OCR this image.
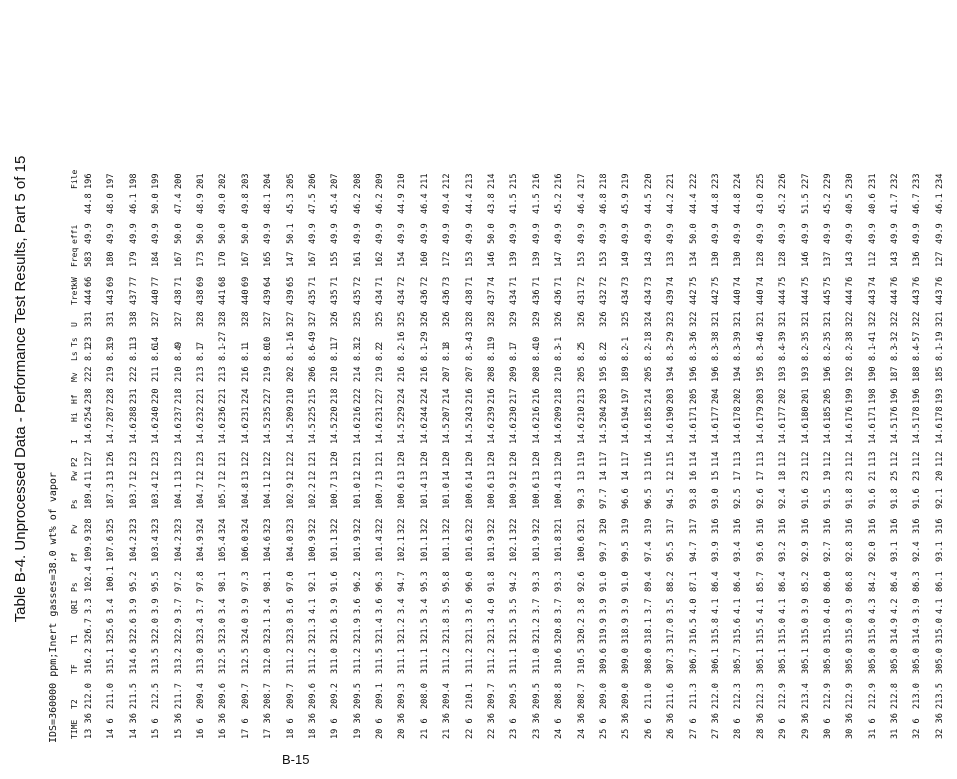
Table B-4. Unprocessed Data - Performance Test Results, Part 5 of 15 IDS=360000 ppm;Inert gasses=38.0 wt% of vapor TIME
T2
TF
T1
QRI
Ps
Pf
Pv
Ps
Pw
P2
I
Hi
Hf
Mv
Ls
Ts
U
Tret
kW
Freq
effi
File
13 36
212.0
316.2
326.7
3.3
102.4
109.9
328
189.4
11
127
14.6
254
238
222
8.1
23
331
444
66
583
49.9
44.8
196
14 6
211.0
315.1
325.6
3.4
100.1
107.6
325
187.3
13
126
14.7
287
228
219
8.3
19
331
443
69
180
49.9
48.0
197
14 36
211.5
314.6
322.6
3.9
95.2
104.2
323
103.7
12
123
14.6
288
231
222
8.1
13
338
437
77
179
49.9
46.1
198
15 6
212.5
313.5
322.0
3.9
95.5
103.4
323
103.4
12
123
14.6
240
220
211
8.6
14
327
440
77
184
49.9
50.0
199
15 36
211.7
313.2
322.9
3.7
97.2
104.2
323
104.1
13
123
14.6
237
218
210
8.4
9
327
438
71
167
50.0
47.4
200
16 6
209.4
313.0
323.4
3.7
97.8
104.9
324
104.7
12
123
14.6
232
221
213
8.1
7
328
438
69
173
50.0
48.9
201
16 36
209.6
312.5
323.0
3.4
98.1
105.4
324
105.7
12
121
14.6
236
221
213
8.1
-27
328
441
68
170
50.0
49.0
202
17 6
209.7
312.5
324.0
3.9
97.3
106.0
324
104.8
13
122
14.6
231
224
216
8.1
1
328
440
69
167
50.0
49.8
203
17 36
208.7
312.0
323.1
3.4
98.1
104.6
323
104.1
12
122
14.5
235
227
219
8.0
10
327
439
64
165
49.9
48.1
204
18 6
209.7
311.2
323.0
3.6
97.0
104.0
323
102.9
12
122
14.5
209
210
202
8.1
-16
327
439
65
147
50.1
45.3
205
18 36
209.6
311.2
321.3
4.1
92.1
100.9
322
102.2
12
121
14.5
225
215
206
8.6
-49
327
435
71
167
49.9
47.5
206
19 6
209.2
311.0
321.6
3.9
91.6
101.1
322
100.7
13
120
14.5
220
218
210
8.1
17
326
435
71
155
49.9
45.4
207
19 36
209.5
311.2
321.9
3.6
96.2
101.9
322
101.0
12
121
14.6
216
222
214
8.3
12
325
435
72
161
49.9
46.2
208
20 6
209.1
311.5
321.4
3.6
96.3
101.4
322
100.7
13
121
14.6
231
227
219
8.2
2
325
434
71
162
49.9
46.2
209
20 36
209.3
311.1
321.2
3.4
94.7
102.1
322
100.6
13
120
14.5
229
224
216
8.2
-16
325
434
72
154
49.9
44.9
210
21 6
208.0
311.1
321.5
3.4
95.3
101.1
322
101.4
13
120
14.6
244
224
216
8.1
-29
326
436
72
160
49.9
46.4
211
21 36
209.4
311.2
321.8
3.5
95.8
101.1
322
101.0
14
120
14.5
207
214
207
8.1
8
326
436
73
172
49.9
49.4
212
22 6
210.1
311.2
321.3
3.6
96.0
101.6
322
100.6
14
120
14.5
243
216
207
8.3
-43
328
438
71
153
49.9
44.4
213
22 36
209.7
311.2
321.3
4.0
91.8
101.9
322
100.6
13
120
14.6
239
216
208
8.1
19
328
437
74
146
50.0
43.8
214
23 6
209.5
311.1
321.5
3.5
94.2
102.1
322
100.9
12
120
14.6
230
217
209
8.1
7
329
434
71
139
49.9
41.5
215
23 36
209.5
311.0
321.2
3.7
93.3
101.9
322
100.6
13
120
14.6
216
216
208
8.4
10
329
436
71
139
49.9
41.5
216
24 6
208.8
310.6
320.8
3.7
93.3
101.8
321
100.4
13
120
14.6
209
218
210
8.3
-1
326
436
71
147
49.9
45.2
216
24 36
208.7
310.5
320.2
3.8
92.6
100.6
321
99.3
13
119
14.6
210
213
205
8.2
5
326
431
72
153
49.9
46.4
217
25 6
209.0
309.6
319.9
3.9
91.0
99.7
320
97.7
14
117
14.5
204
203
195
8.2
2
326
432
72
153
49.9
46.8
218
25 36
209.0
309.0
318.9
3.9
91.0
99.5
319
96.6
14
117
14.6
194
197
189
8.2
-1
325
434
73
149
49.9
45.9
219
26 6
211.0
308.0
318.1
3.7
89.4
97.4
319
96.5
13
116
14.6
185
214
205
8.2
-18
324
434
73
143
49.9
44.5
220
26 36
211.6
307.3
317.0
3.5
88.2
95.5
317
94.5
12
115
14.6
190
203
194
8.3
-29
323
439
74
133
49.9
44.2
221
27 6
211.3
306.7
316.5
4.0
87.1
94.7
317
93.8
16
114
14.6
171
205
196
8.3
-36
322
442
75
134
50.0
44.4
222
27 36
212.0
306.1
315.8
4.1
86.4
93.9
316
93.0
15
114
14.6
177
204
196
8.3
-38
321
442
75
130
49.9
44.8
223
28 6
212.3
305.7
315.6
4.1
86.4
93.4
316
92.5
17
113
14.6
178
202
194
8.3
-39
321
440
74
130
49.9
44.8
224
28 36
212.3
305.1
315.5
4.1
85.7
93.6
316
92.6
17
113
14.6
179
203
195
8.3
-46
321
440
74
128
49.9
43.0
225
29 6
212.9
305.1
315.0
4.1
86.4
93.2
316
92.4
18
112
14.6
177
202
193
8.4
-39
321
444
75
128
49.9
45.2
226
29 36
213.4
305.1
315.0
3.9
85.2
92.9
316
91.6
23
112
14.6
180
201
193
8.2
-35
321
444
75
146
49.9
51.5
227
30 6
212.9
305.0
315.0
4.0
86.0
92.7
316
91.5
19
112
14.6
185
205
196
8.2
-35
321
445
75
137
49.9
45.2
229
30 36
212.9
305.0
315.0
3.9
86.8
92.8
316
91.8
23
112
14.6
176
199
192
8.2
-38
322
444
76
143
49.9
40.5
230
31 6
212.9
305.0
315.0
4.3
84.2
92.0
316
91.6
21
113
14.6
171
198
190
8.1
-41
322
443
74
112
49.9
40.6
231
31 36
212.8
305.0
314.9
4.2
86.4
93.1
316
91.8
25
112
14.5
176
196
187
8.3
-32
322
444
76
143
49.9
41.7
232
32 6
213.0
305.0
314.9
3.9
86.3
92.4
316
91.6
23
112
14.5
178
196
188
8.4
-57
322
443
76
136
49.9
46.7
233
32 36
213.5
305.0
315.0
4.1
86.1
93.1
316
92.1
20
112
14.6
178
193
185
8.1
-19
321
443
76
127
49.9
46.1
234
B-15
